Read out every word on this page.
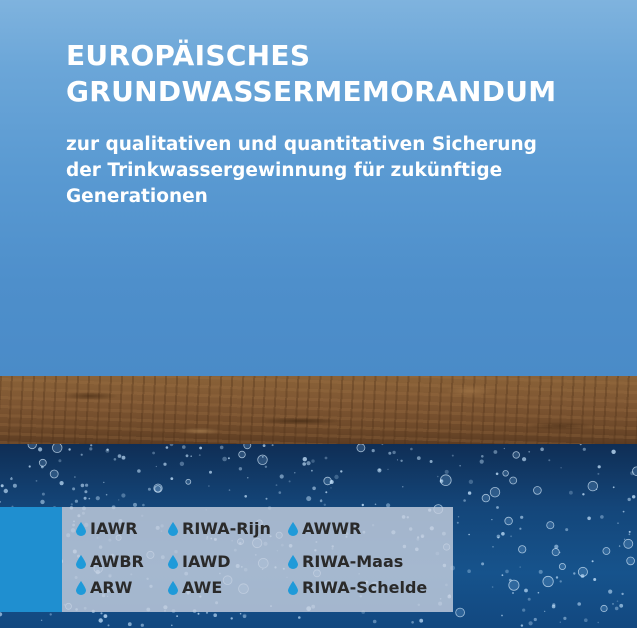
EUROPÄISCHES
GRUNDWASSERMEMORANDUM

zur qualitativen und quantitativen Sicherung
der Trinkwassergewinnung für zukünftige
Generationen

IAWR
AWBR
ARW
RIWA-Rijn
IAWD
AWE
AWWR
RIWA-Maas
RIWA-Schelde
